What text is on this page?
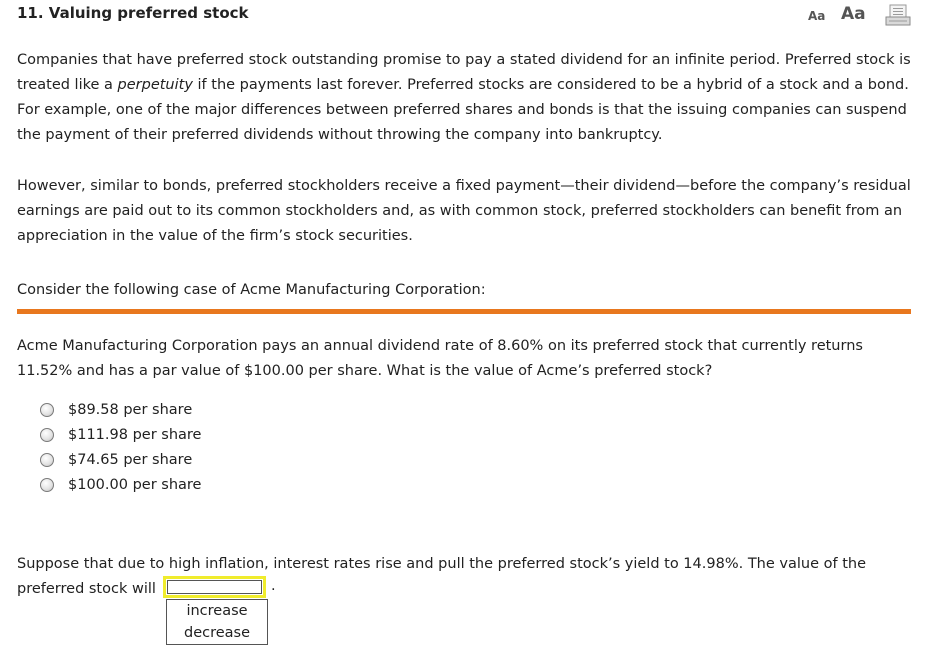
11. Valuing preferred stock	Aa Aa

Companies that have preferred stock outstanding promise to pay a stated dividend for an infinite period. Preferred stock is treated like a perpetuity if the payments last forever. Preferred stocks are considered to be a hybrid of a stock and a bond. For example, one of the major differences between preferred shares and bonds is that the issuing companies can suspend the payment of their preferred dividends without throwing the company into bankruptcy.

However, similar to bonds, preferred stockholders receive a fixed payment—their dividend—before the company’s residual earnings are paid out to its common stockholders and, as with common stock, preferred stockholders can benefit from an appreciation in the value of the firm’s stock securities.

Consider the following case of Acme Manufacturing Corporation:

Acme Manufacturing Corporation pays an annual dividend rate of 8.60% on its preferred stock that currently returns 11.52% and has a par value of $100.00 per share. What is the value of Acme’s preferred stock?

$89.58 per share
$111.98 per share
$74.65 per share
$100.00 per share

Suppose that due to high inflation, interest rates rise and pull the preferred stock’s yield to 14.98%. The value of the preferred stock will	.
increase
decrease
